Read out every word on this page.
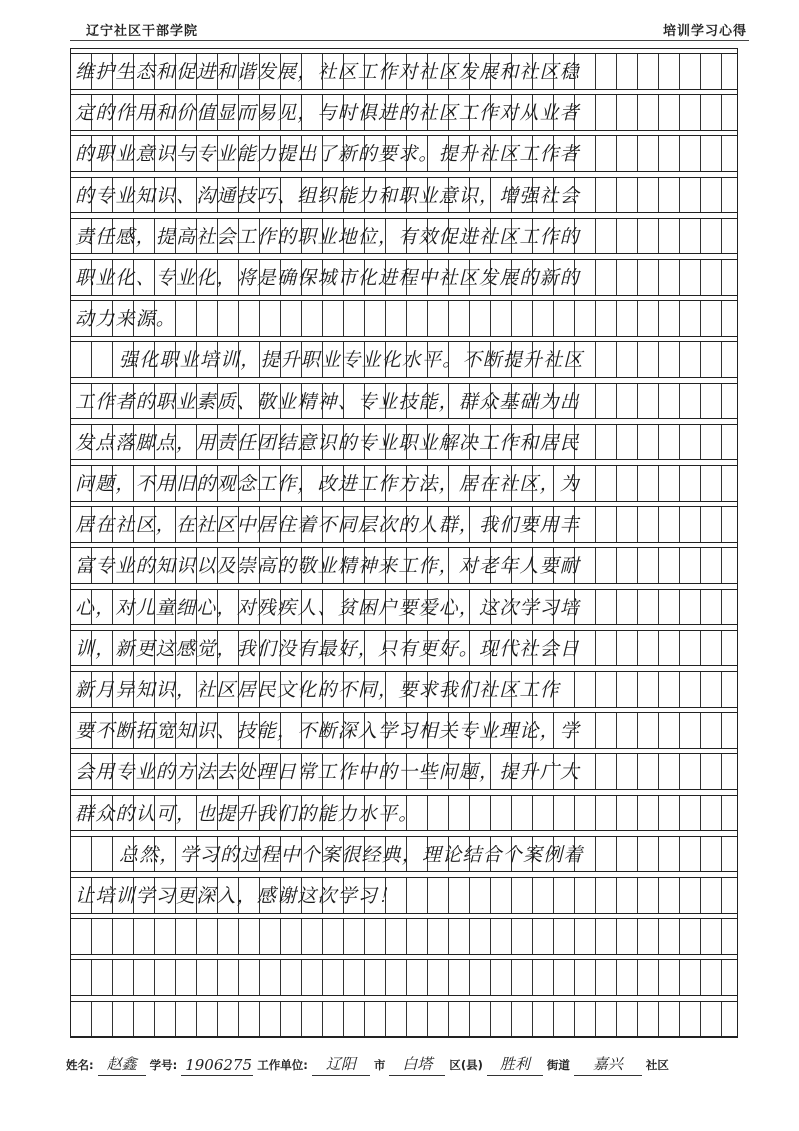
辽宁社区干部学院	培训学习心得
维护生态和促进和谐发展，社区工作对社区发展和社区稳
定的作用和价值显而易见，与时俱进的社区工作对从业者
的职业意识与专业能力提出了新的要求。提升社区工作者
的专业知识、沟通技巧、组织能力和职业意识，增强社会
责任感，提高社会工作的职业地位，有效促进社区工作的
职业化、专业化，将是确保城市化进程中社区发展的新的
动力来源。
强化职业培训，提升职业专业化水平。不断提升社区
工作者的职业素质、敬业精神、专业技能，群众基础为出
发点落脚点，用责任团结意识的专业职业解决工作和居民
问题，不用旧的观念工作，改进工作方法，居在社区，为
居在社区，在社区中居住着不同层次的人群，我们要用丰
富专业的知识以及崇高的敬业精神来工作，对老年人要耐
心，对儿童细心，对残疾人、贫困户要爱心，这次学习培
训，新更这感觉，我们没有最好，只有更好。现代社会日
新月异知识，社区居民文化的不同，要求我们社区工作
要不断拓宽知识、技能，不断深入学习相关专业理论，学
会用专业的方法去处理日常工作中的一些问题，提升广大
群众的认可，也提升我们的能力水平。
总然，学习的过程中个案很经典，理论结合个案例着
让培训学习更深入，感谢这次学习！
姓名: 赵鑫	学号: 1906275 工作单位:	辽阳	市	白塔	区(县)	胜利	街道	嘉兴	社区
